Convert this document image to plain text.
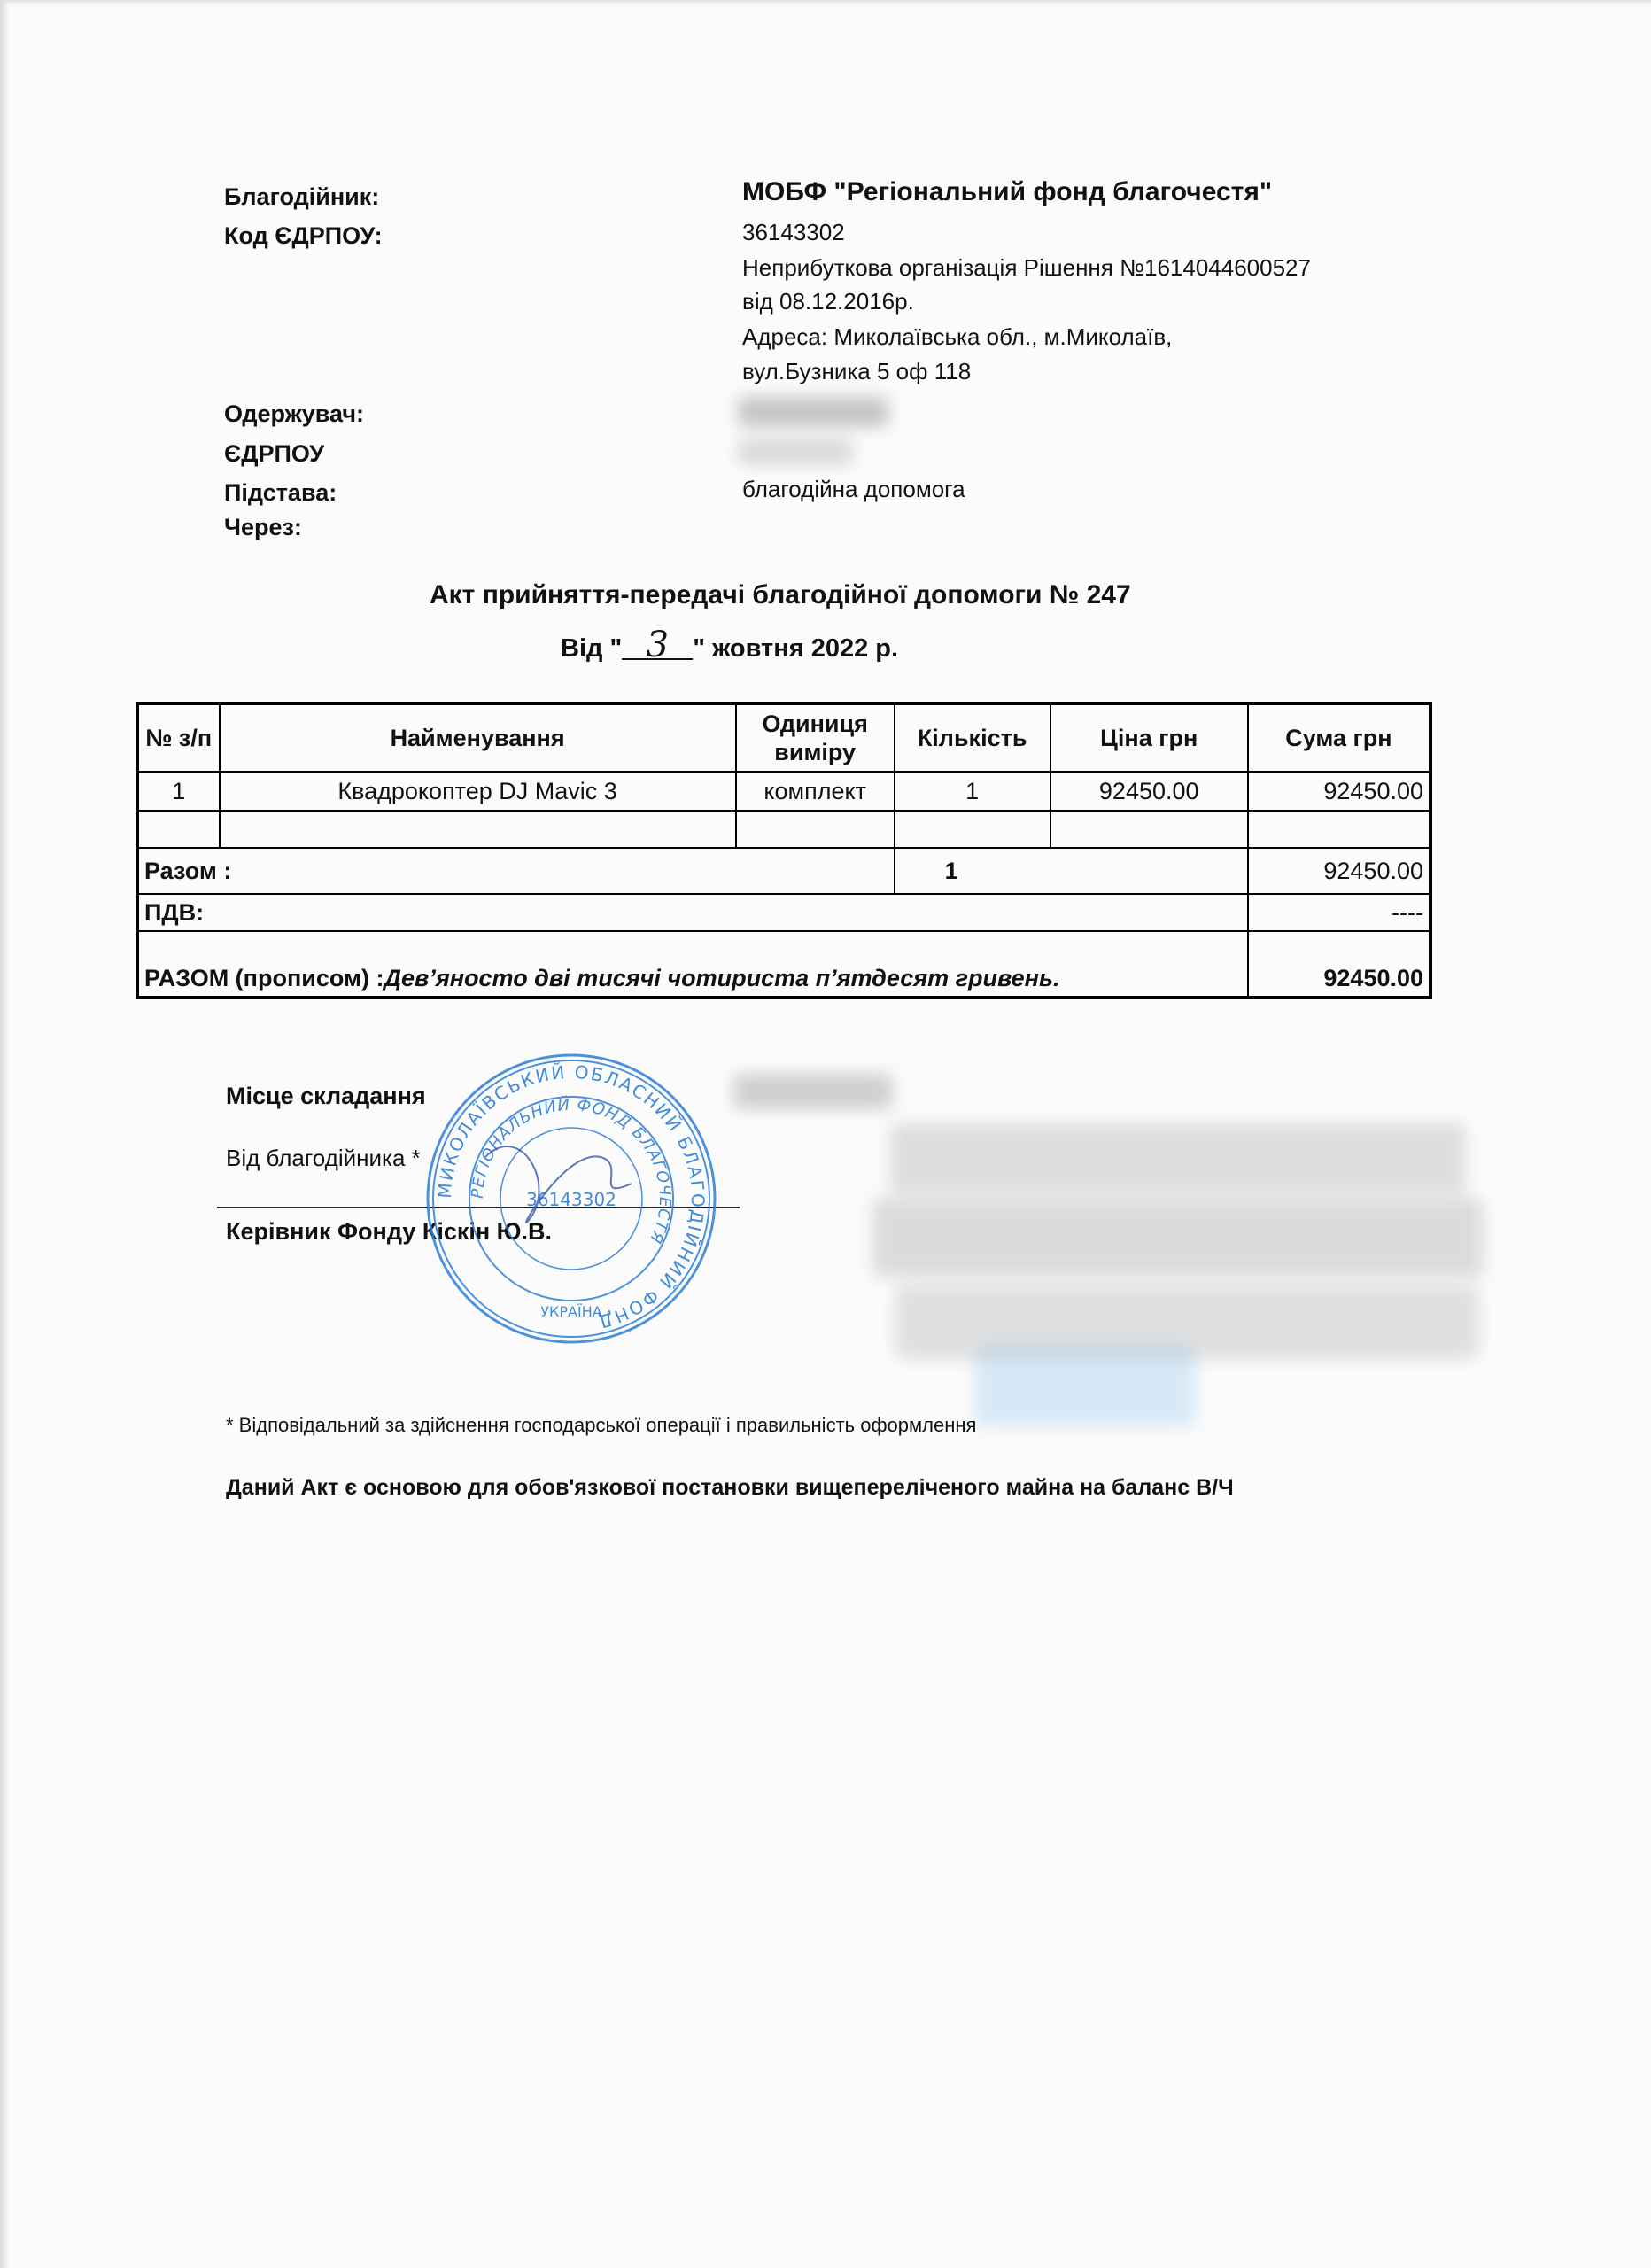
Благодійник:	МОБФ "Регіональний фонд благочестя"
Код ЄДРПОУ:	36143302
Неприбуткова організація Рішення №1614044600527
від 08.12.2016р.
Адреса: Миколаївська обл., м.Миколаїв,
вул.Бузника 5 оф 118
Одержувач:
ЄДРПОУ
Підстава:	благодійна допомога
Через:
Акт прийняття-передачі благодійної допомоги № 247
Від " 3 " жовтня 2022 р.
№ з/п	Найменування	Одиниця виміру	Кількість	Ціна грн	Сума грн
1	Квадрокоптер DJ Mavic 3	комплект	1	92450.00	92450.00

Разом :			1		92450.00
ПДВ:					----
РАЗОМ (прописом) :Дев’яносто дві тисячі чотириста п’ятдесят гривень.					92450.00
Місце складання
Від благодійника *
Керівник Фонду Кіскін Ю.В.
МИКОЛАЇВСЬКИЙ ОБЛАСНИЙ БЛАГОДІЙНИЙ ФОНД
РЕГІОНАЛЬНИЙ ФОНД БЛАГОЧЕСТЯ
36143302
УКРАЇНА
* Відповідальний за здійснення господарської операції і правильність оформлення
Даний Акт є основою для обов'язкової постановки вищепереліченого майна на баланс В/Ч
